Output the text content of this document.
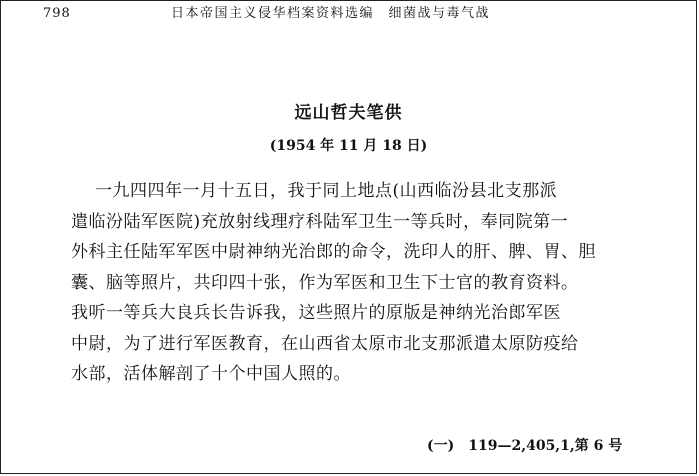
798	日本帝国主义侵华档案资料选编　细菌战与毒气战
远山哲夫笔供
(1954 年 11 月 18 日)
一九四四年一月十五日，我于同上地点(山西临汾县北支那派
遣临汾陆军医院)充放射线理疗科陆军卫生一等兵时，奉同院第一
外科主任陆军军医中尉神纳光治郎的命令，洗印人的肝、脾、胃、胆
囊、脑等照片，共印四十张，作为军医和卫生下士官的教育资料。
我听一等兵大良兵长告诉我，这些照片的原版是神纳光治郎军医
中尉，为了进行军医教育，在山西省太原市北支那派遣太原防疫给
水部，活体解剖了十个中国人照的。
(一)　119—2,405,1,第 6 号
